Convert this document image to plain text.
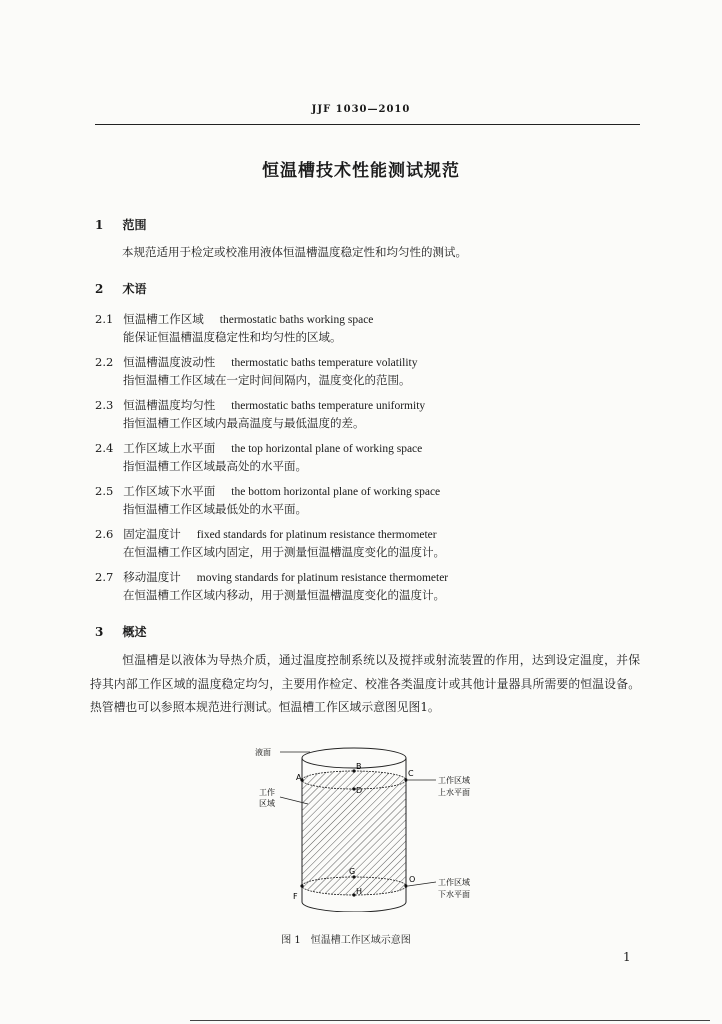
JJF 1030—2010
恒温槽技术性能测试规范
1 范围
本规范适用于检定或校准用液体恒温槽温度稳定性和均匀性的测试。
2 术语
2.1 恒温槽工作区域 thermostatic baths working space
能保证恒温槽温度稳定性和均匀性的区域。
2.2 恒温槽温度波动性 thermostatic baths temperature volatility
指恒温槽工作区域在一定时间间隔内，温度变化的范围。
2.3 恒温槽温度均匀性 thermostatic baths temperature uniformity
指恒温槽工作区域内最高温度与最低温度的差。
2.4 工作区域上水平面 the top horizontal plane of working space
指恒温槽工作区域最高处的水平面。
2.5 工作区域下水平面 the bottom horizontal plane of working space
指恒温槽工作区域最低处的水平面。
2.6 固定温度计 fixed standards for platinum resistance thermometer
在恒温槽工作区域内固定，用于测量恒温槽温度变化的温度计。
2.7 移动温度计 moving standards for platinum resistance thermometer
在恒温槽工作区域内移动，用于测量恒温槽温度变化的温度计。
3 概述
恒温槽是以液体为导热介质，通过温度控制系统以及搅拌或射流装置的作用，达到设定温度，并保持其内部工作区域的温度稳定均匀，主要用作检定、校准各类温度计或其他计量器具所需要的恒温设备。热管槽也可以参照本规范进行测试。恒温槽工作区域示意图见图1。
A
B
C
D
O
F
G
H
液面
工作
区域
工作区域
上水平面
工作区域
下水平面
图 1　恒温槽工作区域示意图
1
